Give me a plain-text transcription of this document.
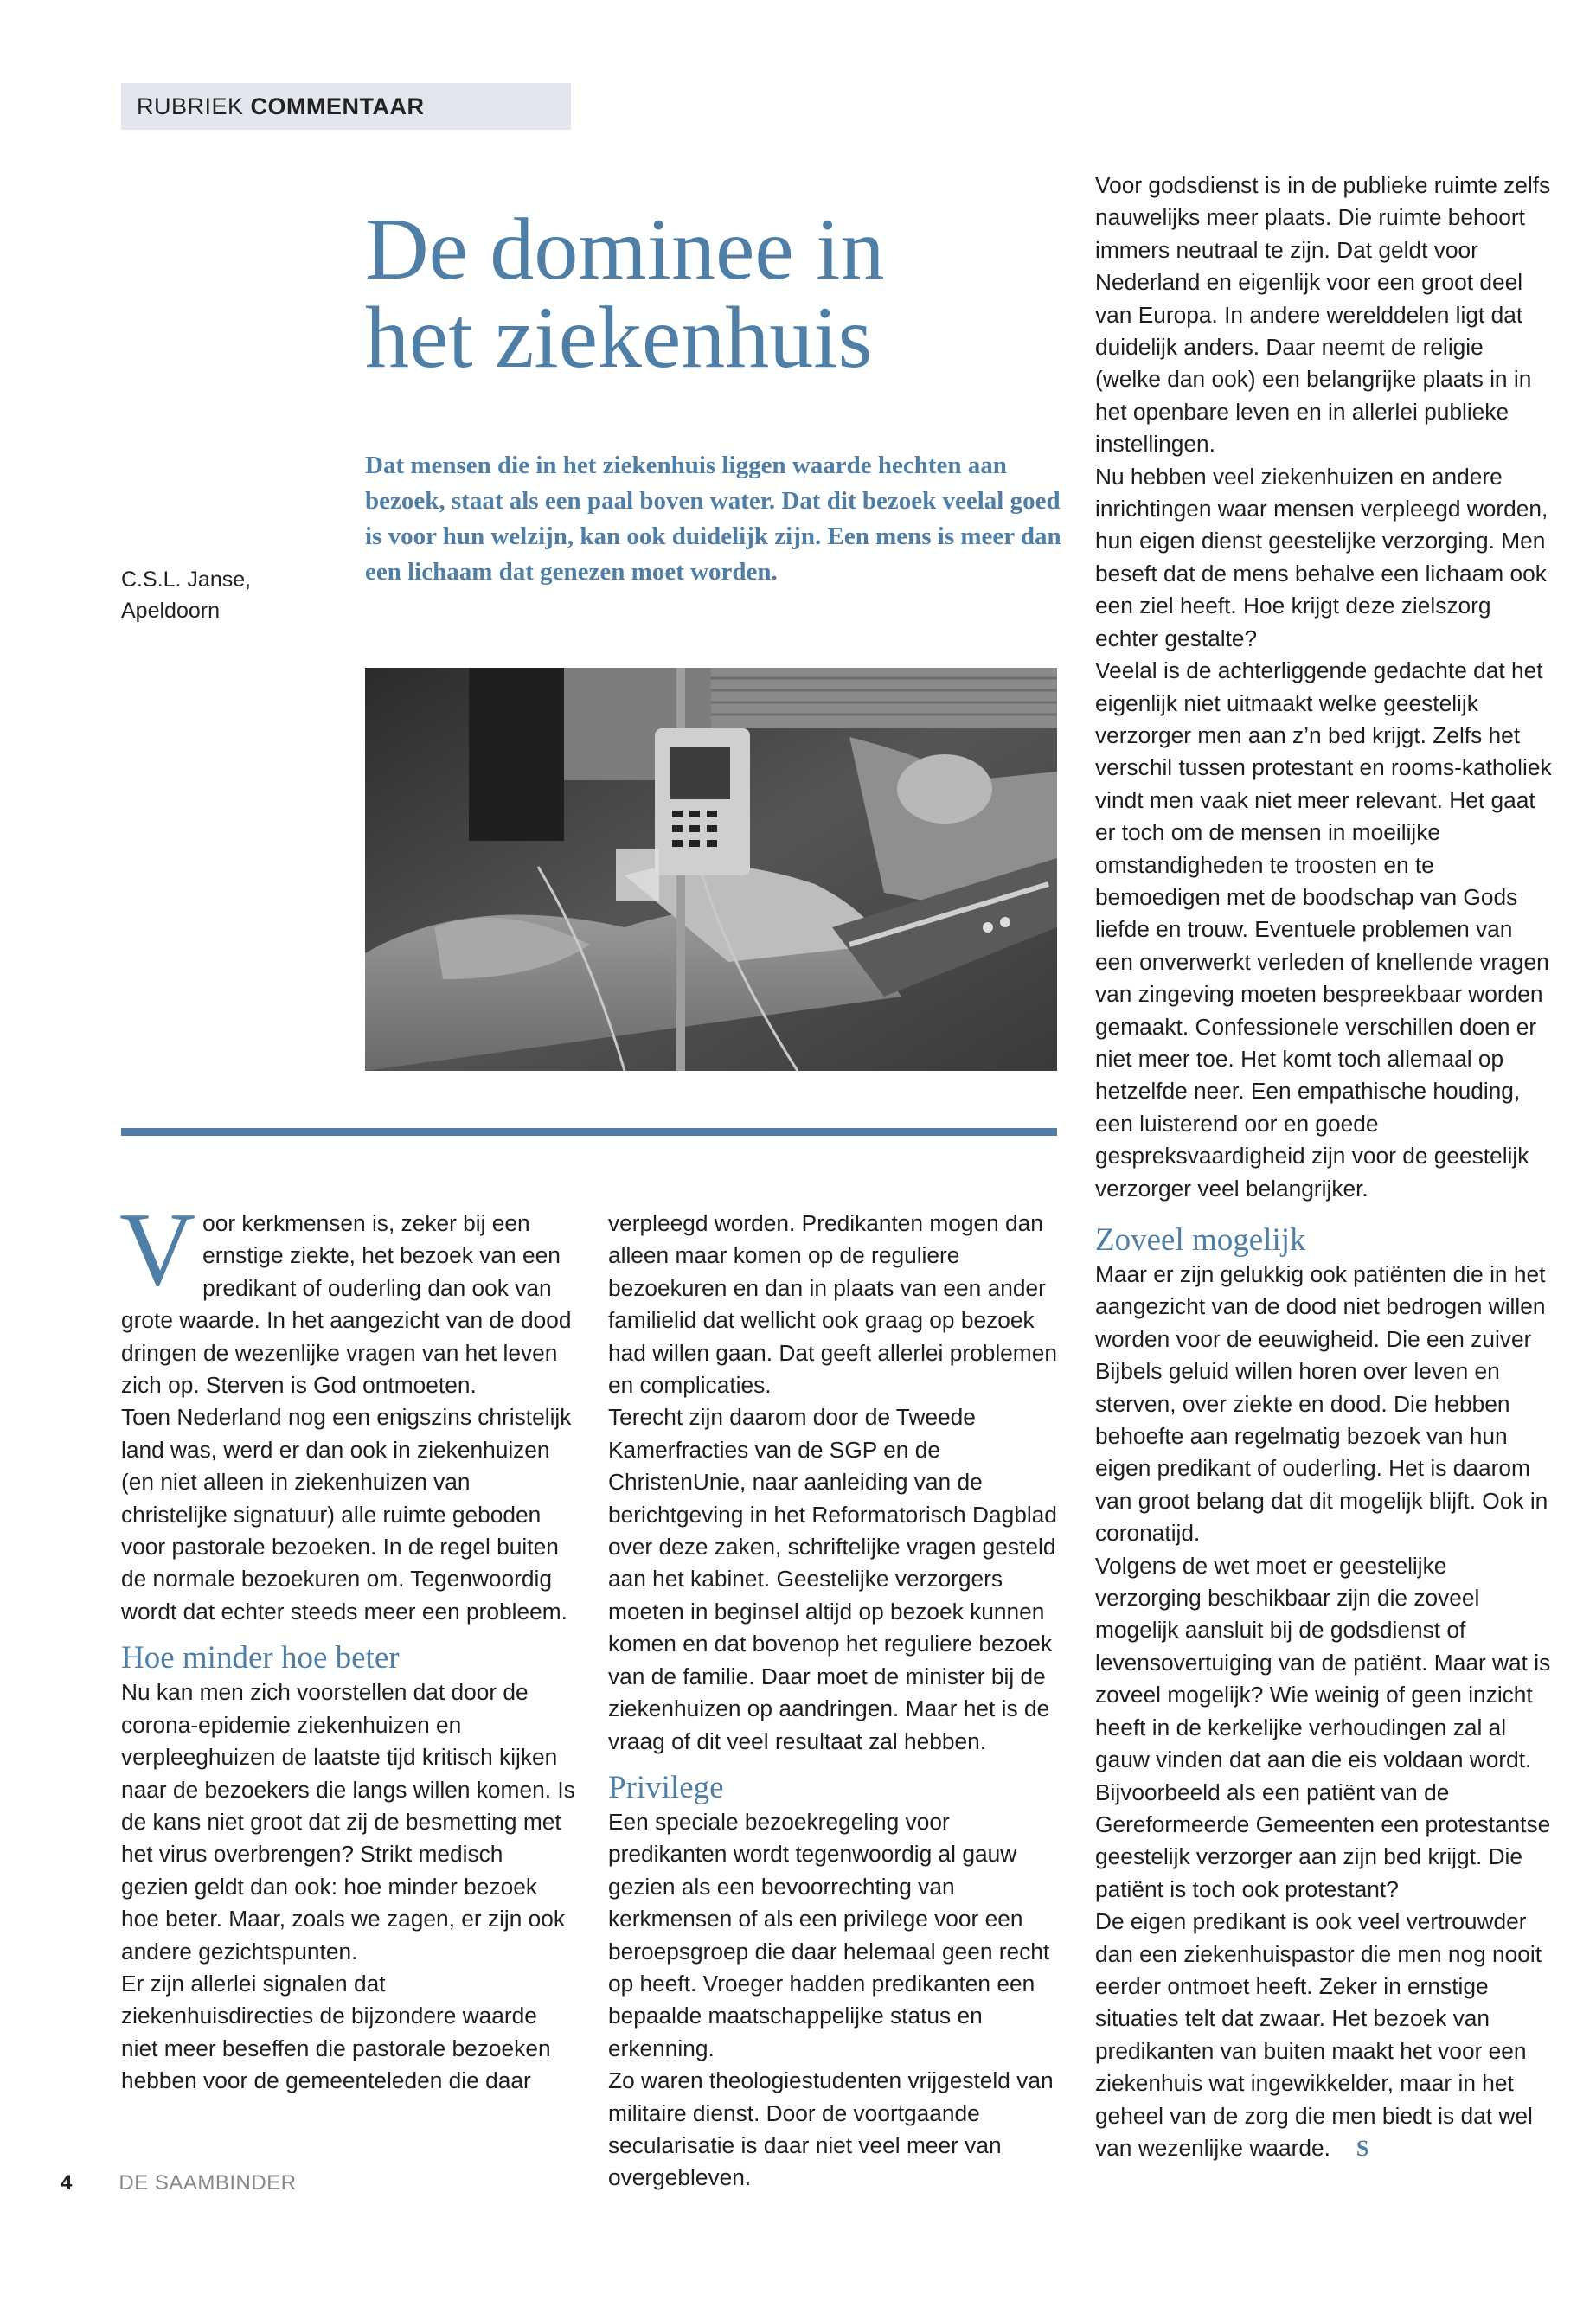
RUBRIEK COMMENTAAR
De dominee in
het ziekenhuis

Dat mensen die in het ziekenhuis liggen waarde hechten aan bezoek, staat als een paal boven water. Dat dit bezoek veelal goed is voor hun welzijn, kan ook duidelijk zijn. Een mens is meer dan een lichaam dat genezen moet worden.

C.S.L. Janse,
Apeldoorn

Voor kerkmensen is, zeker bij een ernstige ziekte, het bezoek van een predikant of ouderling dan ook van grote waarde. In het aangezicht van de dood dringen de wezenlijke vragen van het leven zich op. Sterven is God ontmoeten.

Toen Nederland nog een enigszins christelijk land was, werd er dan ook in ziekenhuizen (en niet alleen in ziekenhuizen van christelijke signatuur) alle ruimte geboden voor pastorale bezoeken. In de regel buiten de normale bezoekuren om. Tegenwoordig wordt dat echter steeds meer een probleem.

Hoe minder hoe beter

Nu kan men zich voorstellen dat door de corona-epidemie ziekenhuizen en verpleeghuizen de laatste tijd kritisch kijken naar de bezoekers die langs willen komen. Is de kans niet groot dat zij de besmetting met het virus overbrengen? Strikt medisch gezien geldt dan ook: hoe minder bezoek hoe beter. Maar, zoals we zagen, er zijn ook andere gezichtspunten.

Er zijn allerlei signalen dat ziekenhuisdirecties de bijzondere waarde niet meer beseffen die pastorale bezoeken hebben voor de gemeenteleden die daar

verpleegd worden. Predikanten mogen dan alleen maar komen op de reguliere bezoekuren en dan in plaats van een ander familielid dat wellicht ook graag op bezoek had willen gaan. Dat geeft allerlei problemen en complicaties.

Terecht zijn daarom door de Tweede Kamerfracties van de SGP en de ChristenUnie, naar aanleiding van de berichtgeving in het Reformatorisch Dagblad over deze zaken, schriftelijke vragen gesteld aan het kabinet. Geestelijke verzorgers moeten in beginsel altijd op bezoek kunnen komen en dat bovenop het reguliere bezoek van de familie. Daar moet de minister bij de ziekenhuizen op aandringen. Maar het is de vraag of dit veel resultaat zal hebben.

Privilege

Een speciale bezoekregeling voor predikanten wordt tegenwoordig al gauw gezien als een bevoorrechting van kerkmensen of als een privilege voor een beroepsgroep die daar helemaal geen recht op heeft. Vroeger hadden predikanten een bepaalde maatschappelijke status en erkenning.

Zo waren theologiestudenten vrijgesteld van militaire dienst. Door de voortgaande secularisatie is daar niet veel meer van overgebleven.

Voor godsdienst is in de publieke ruimte zelfs nauwelijks meer plaats. Die ruimte behoort immers neutraal te zijn. Dat geldt voor Nederland en eigenlijk voor een groot deel van Europa. In andere werelddelen ligt dat duidelijk anders. Daar neemt de religie (welke dan ook) een belangrijke plaats in in het openbare leven en in allerlei publieke instellingen.

Nu hebben veel ziekenhuizen en andere inrichtingen waar mensen verpleegd worden, hun eigen dienst geestelijke verzorging. Men beseft dat de mens behalve een lichaam ook een ziel heeft. Hoe krijgt deze zielszorg echter gestalte?

Veelal is de achterliggende gedachte dat het eigenlijk niet uitmaakt welke geestelijk verzorger men aan z’n bed krijgt. Zelfs het verschil tussen protestant en rooms-katholiek vindt men vaak niet meer relevant. Het gaat er toch om de mensen in moeilijke omstandigheden te troosten en te bemoedigen met de boodschap van Gods liefde en trouw. Eventuele problemen van een onverwerkt verleden of knellende vragen van zingeving moeten bespreekbaar worden gemaakt. Confessionele verschillen doen er niet meer toe. Het komt toch allemaal op hetzelfde neer. Een empathische houding, een luisterend oor en goede gespreksvaardigheid zijn voor de geestelijk verzorger veel belangrijker.

Zoveel mogelijk

Maar er zijn gelukkig ook patiënten die in het aangezicht van de dood niet bedrogen willen worden voor de eeuwigheid. Die een zuiver Bijbels geluid willen horen over leven en sterven, over ziekte en dood. Die hebben behoefte aan regelmatig bezoek van hun eigen predikant of ouderling. Het is daarom van groot belang dat dit mogelijk blijft. Ook in coronatijd.

Volgens de wet moet er geestelijke verzorging beschikbaar zijn die zoveel mogelijk aansluit bij de godsdienst of levensovertuiging van de patiënt. Maar wat is zoveel mogelijk? Wie weinig of geen inzicht heeft in de kerkelijke verhoudingen zal al gauw vinden dat aan die eis voldaan wordt. Bijvoorbeeld als een patiënt van de Gereformeerde Gemeenten een protestantse geestelijk verzorger aan zijn bed krijgt. Die patiënt is toch ook protestant?

De eigen predikant is ook veel vertrouwder dan een ziekenhuispastor die men nog nooit eerder ontmoet heeft. Zeker in ernstige situaties telt dat zwaar. Het bezoek van predikanten van buiten maakt het voor een ziekenhuis wat ingewikkelder, maar in het geheel van de zorg die men biedt is dat wel van wezenlijke waarde. S

4 DE SAAMBINDER
